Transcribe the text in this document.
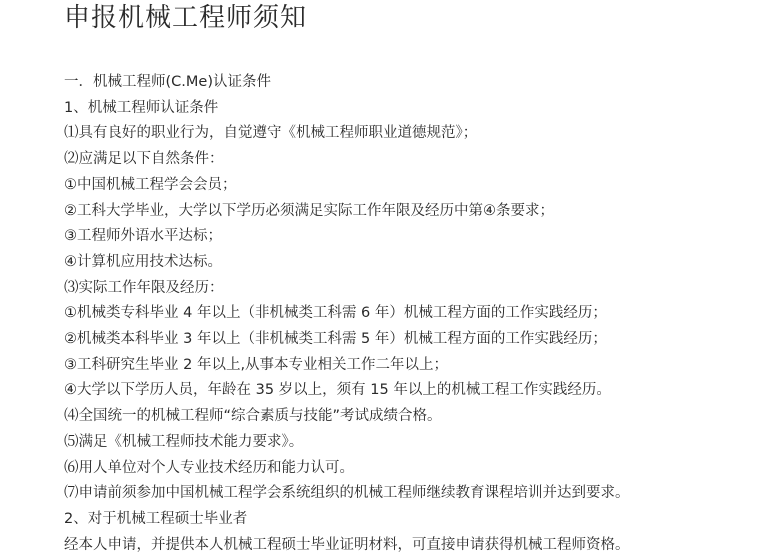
申报机械工程师须知

一．机械工程师(C.Me)认证条件

1、机械工程师认证条件

⑴具有良好的职业行为，自觉遵守《机械工程师职业道德规范》；

⑵应满足以下自然条件：

①中国机械工程学会会员；

②工科大学毕业，大学以下学历必须满足实际工作年限及经历中第④条要求；

③工程师外语水平达标；

④计算机应用技术达标。

⑶实际工作年限及经历：

①机械类专科毕业 4 年以上（非机械类工科需 6 年）机械工程方面的工作实践经历；

②机械类本科毕业 3 年以上（非机械类工科需 5 年）机械工程方面的工作实践经历；

③工科研究生毕业 2 年以上,从事本专业相关工作二年以上；

④大学以下学历人员，年龄在 35 岁以上，须有 15 年以上的机械工程工作实践经历。

⑷全国统一的机械工程师“综合素质与技能”考试成绩合格。

⑸满足《机械工程师技术能力要求》。

⑹用人单位对个人专业技术经历和能力认可。

⑺申请前须参加中国机械工程学会系统组织的机械工程师继续教育课程培训并达到要求。

2、对于机械工程硕士毕业者

经本人申请，并提供本人机械工程硕士毕业证明材料，可直接申请获得机械工程师资格。
